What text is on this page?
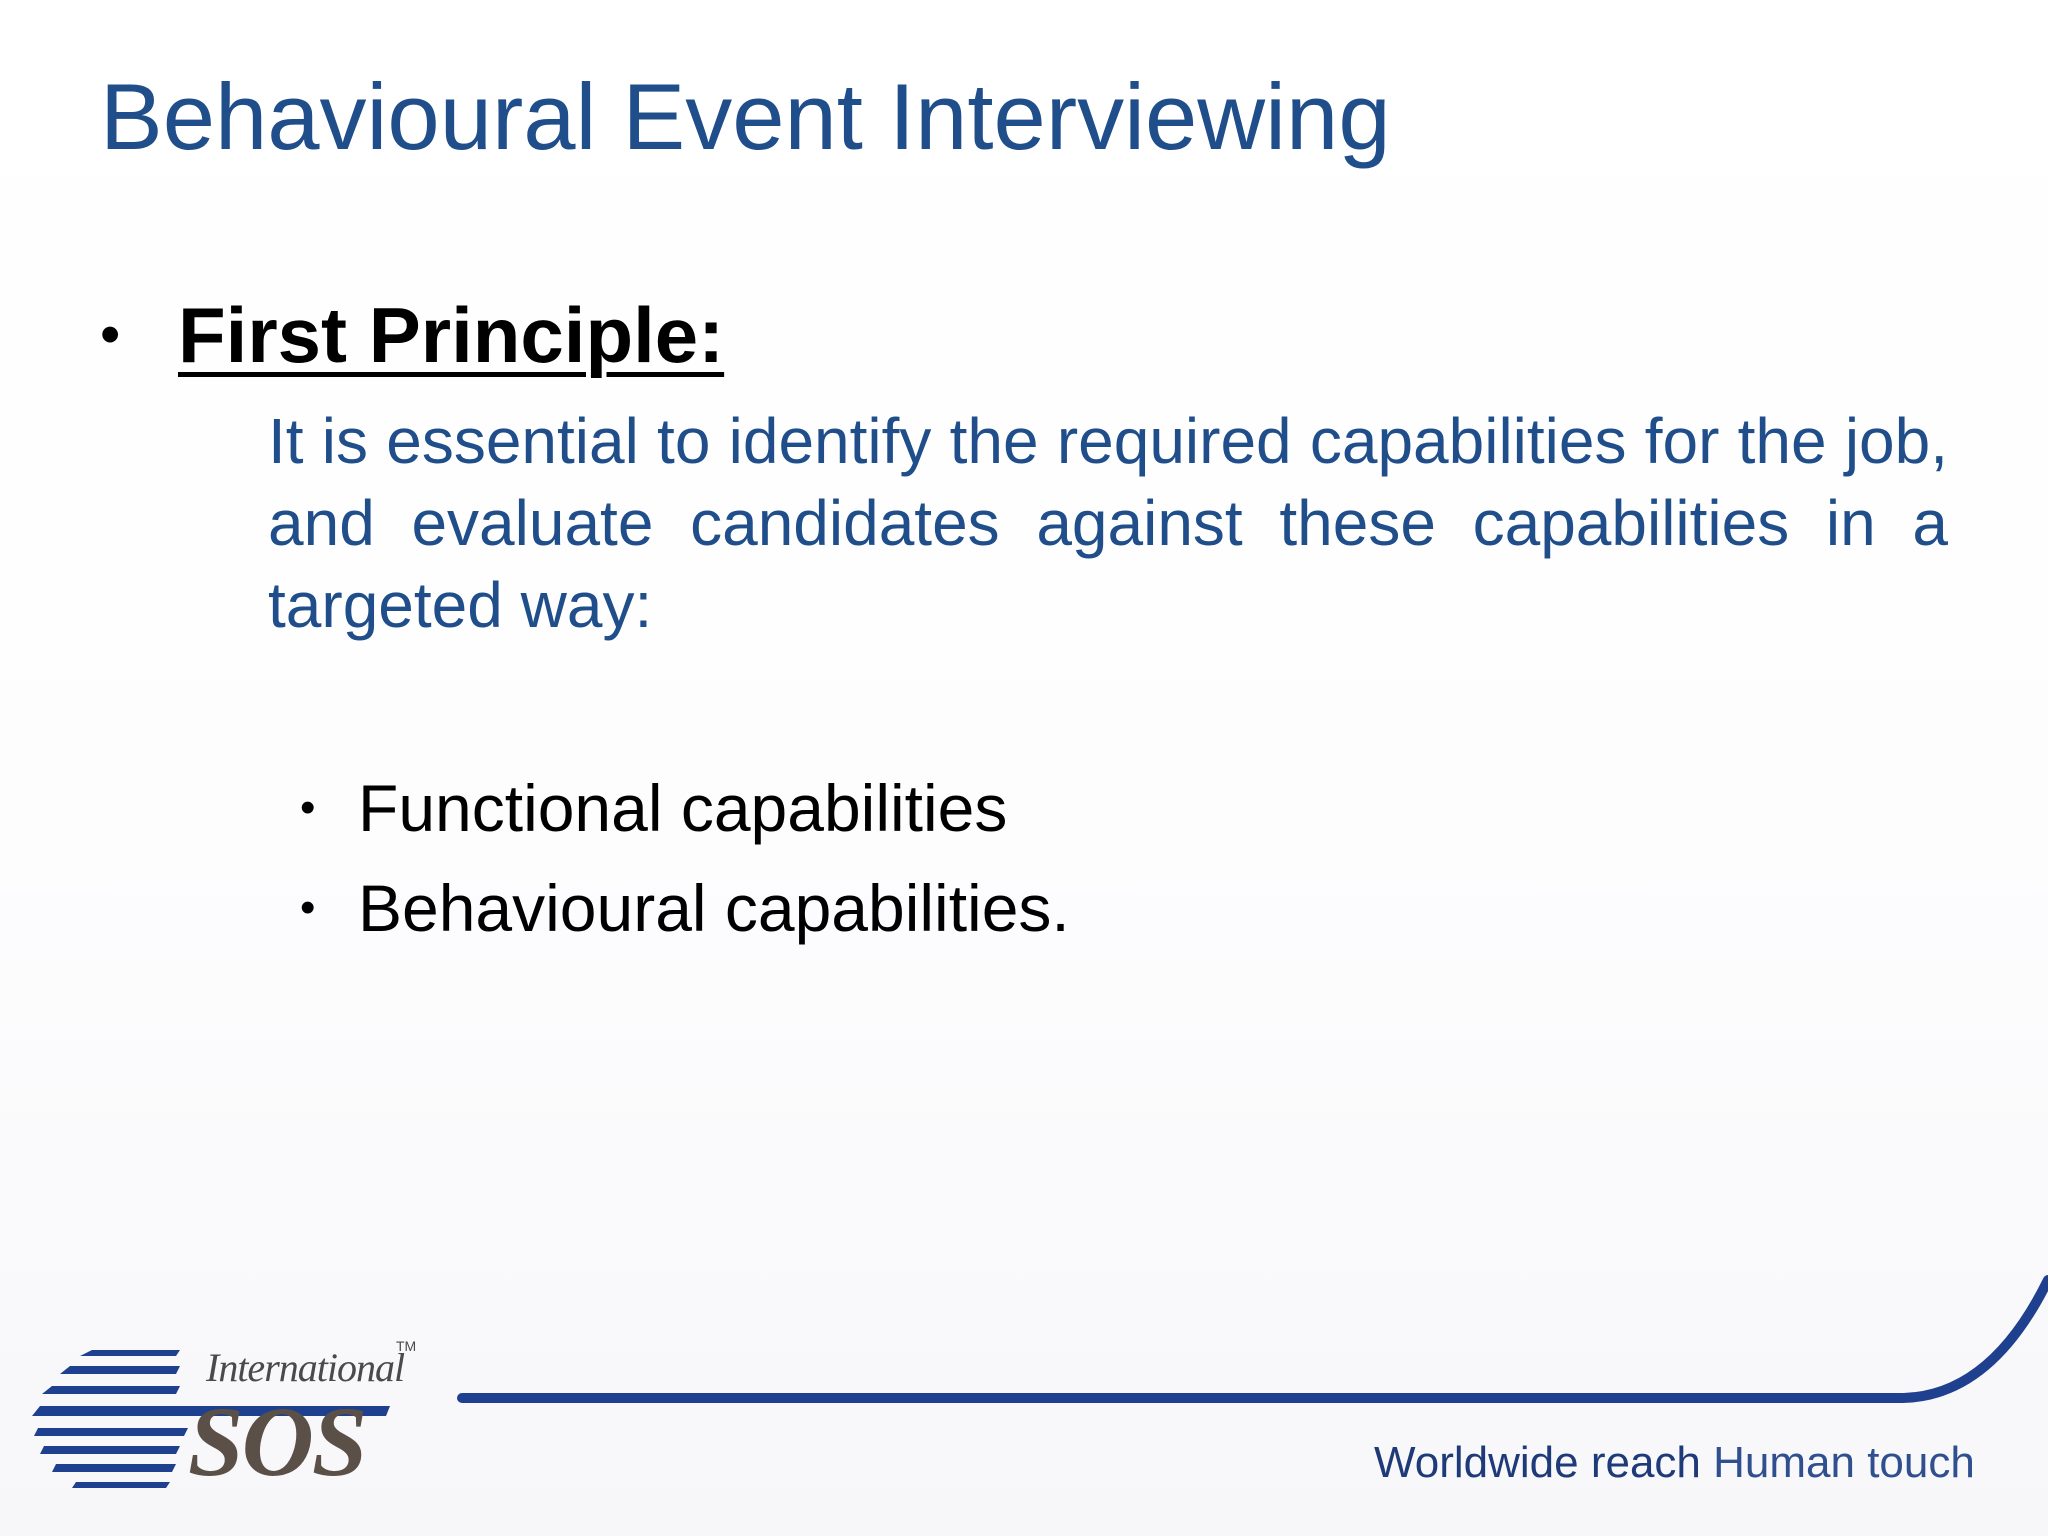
Behavioural Event Interviewing
• First Principle:

It is essential to identify the required capabilities for the job, and evaluate candidates against these capabilities in a targeted way:

• Functional capabilities
• Behavioural capabilities.
International
TM
SOS	Worldwide reach Human touch
